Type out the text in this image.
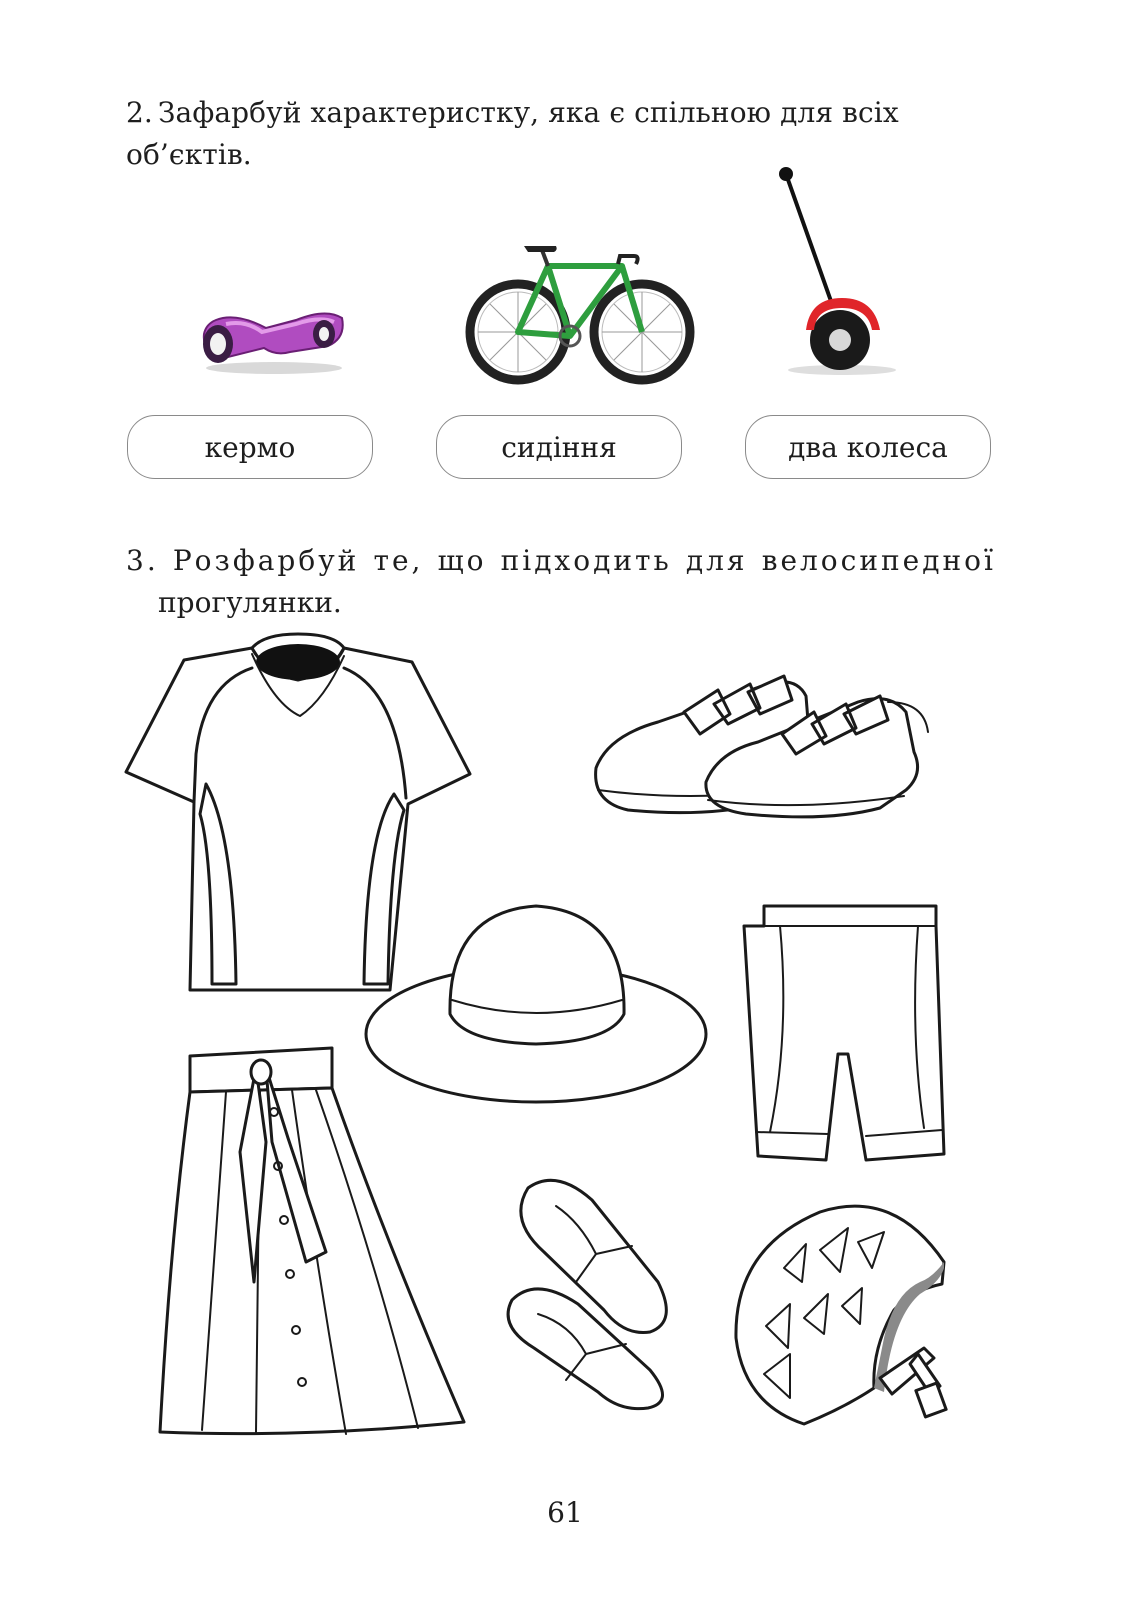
2. Зафарбуй характеристку, яка є спільною для всіх об’єктів.

кермо	сидіння	два колеса
3. Розфарбуй те, що підходить для велосипедної
прогулянки.
61
